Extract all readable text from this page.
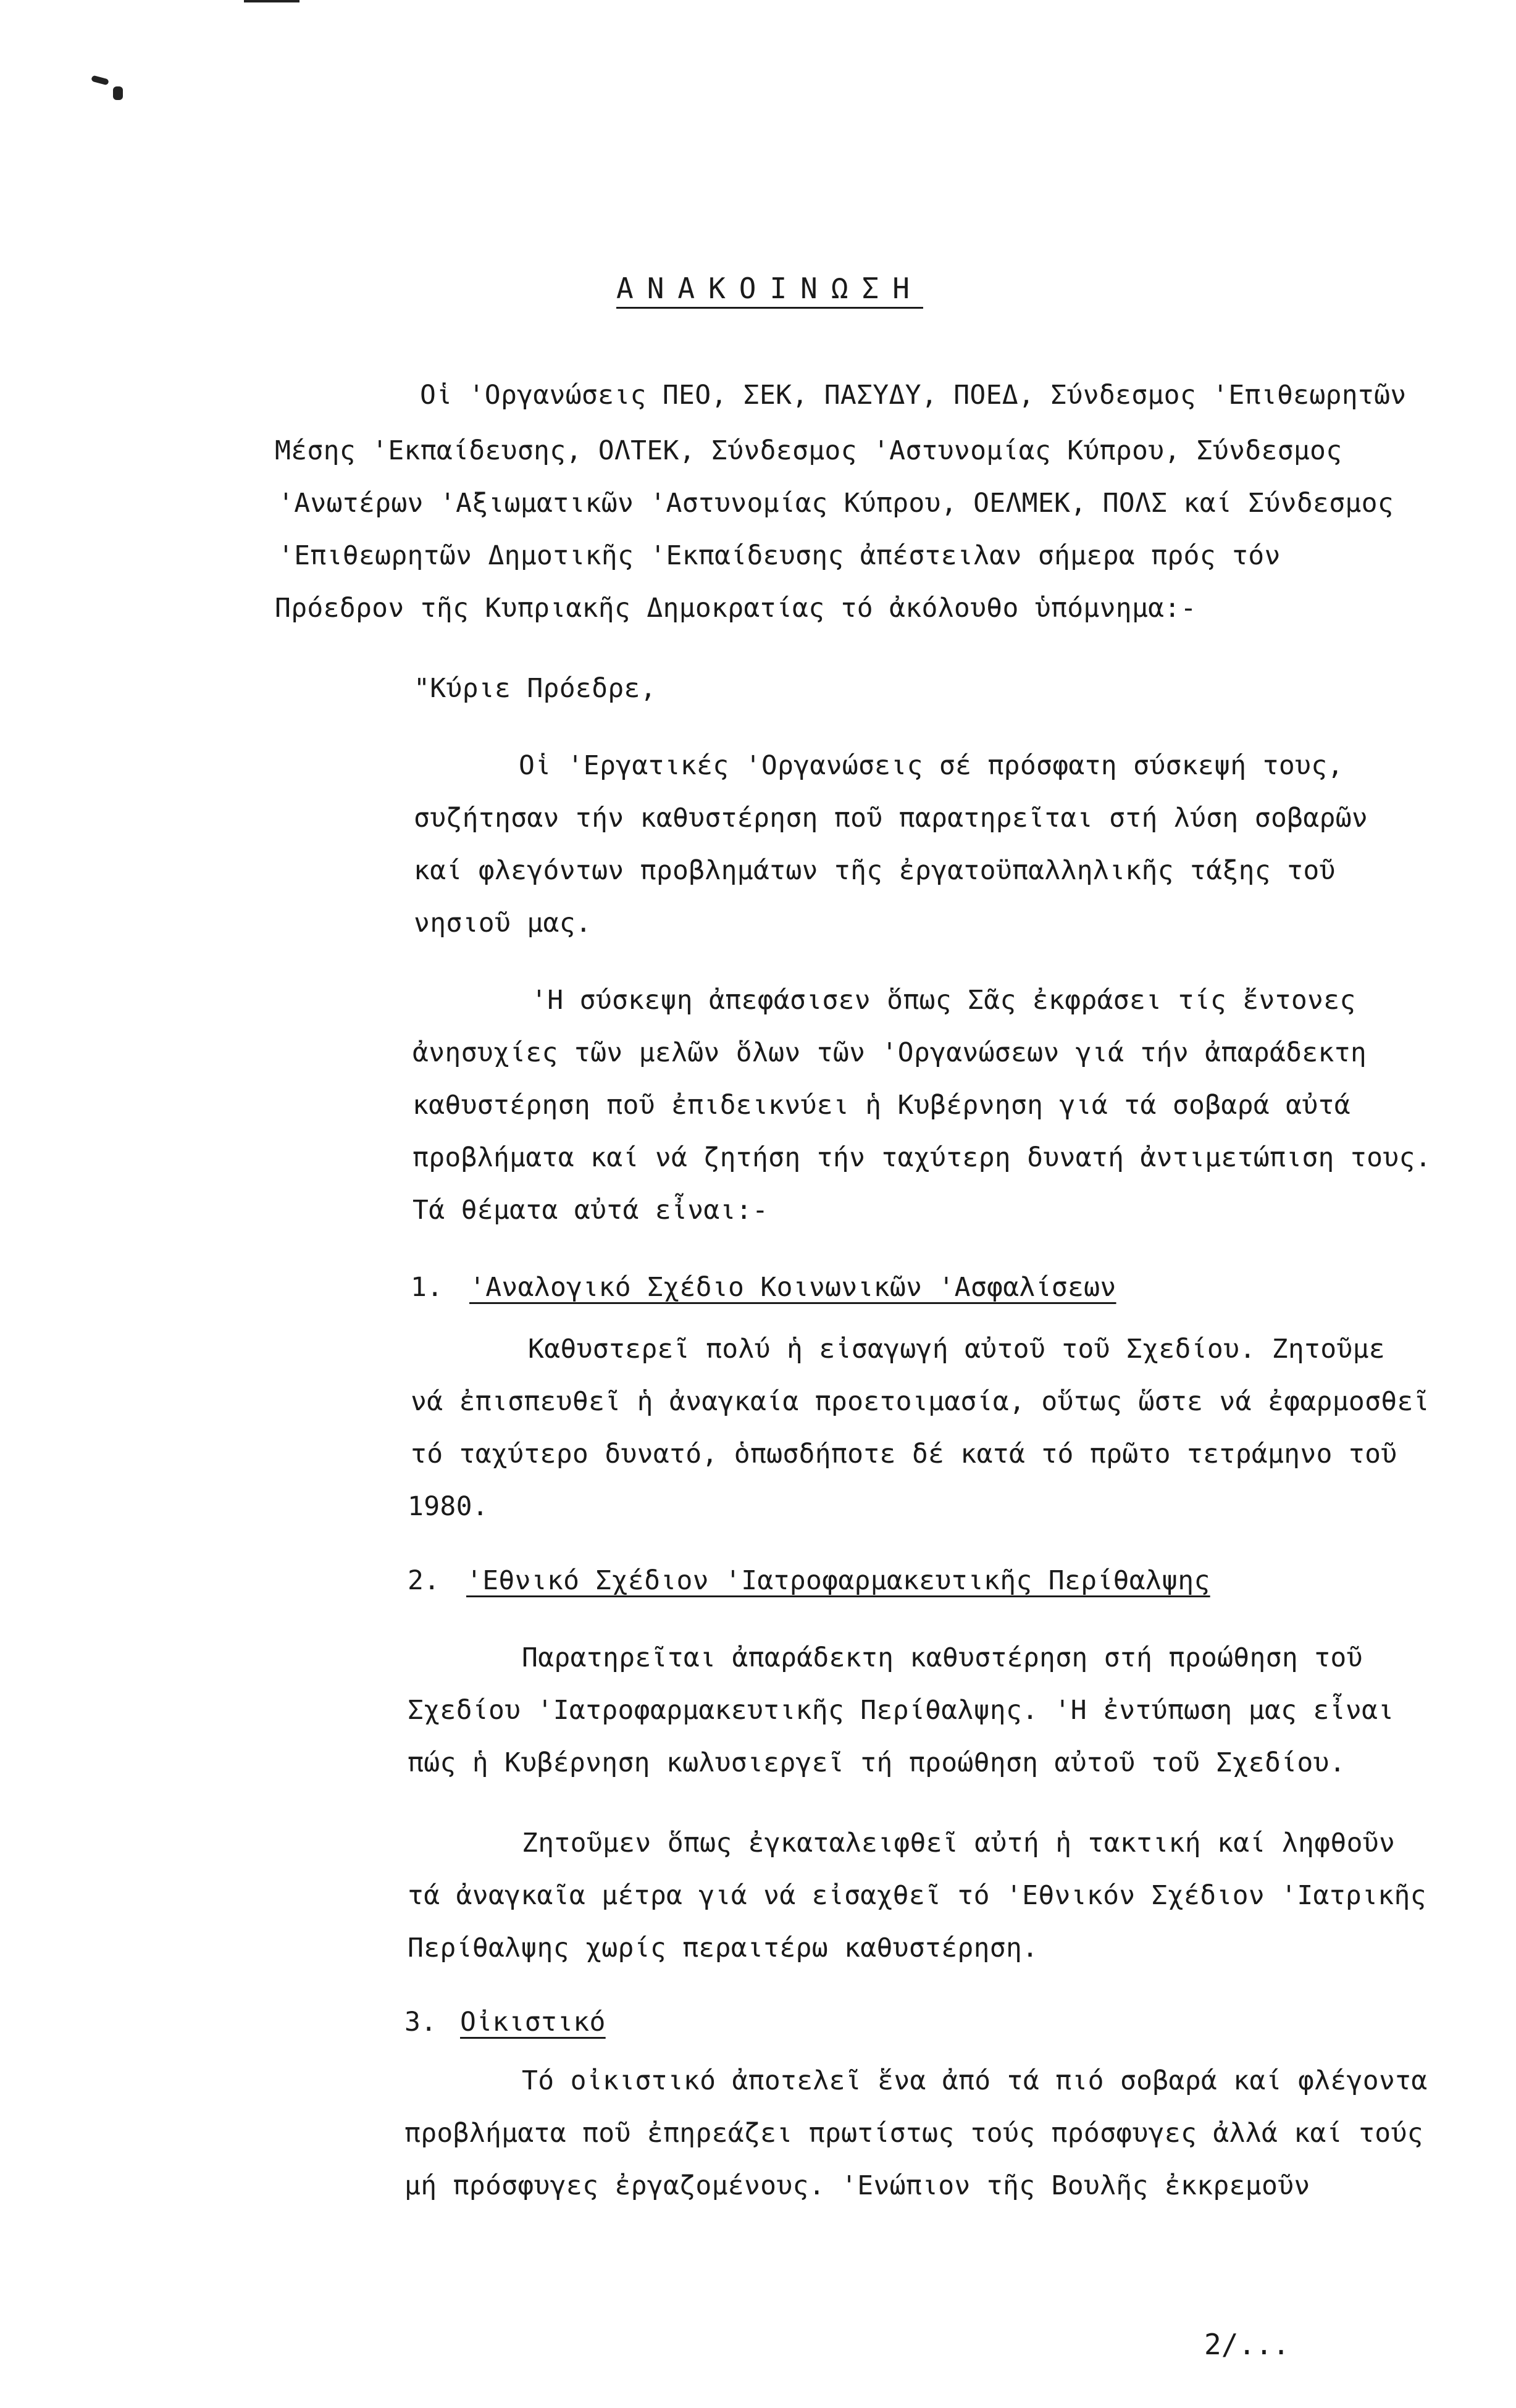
ΑΝΑΚΟΙΝΩΣΗ
Οἱ 'Οργανώσεις ΠΕΟ, ΣΕΚ, ΠΑΣΥΔΥ, ΠΟΕΔ, Σύνδεσμος 'Επιθεωρητῶν
Μέσης 'Εκπαίδευσης, ΟΛΤΕΚ, Σύνδεσμος 'Αστυνομίας Κύπρου, Σύνδεσμος
'Ανωτέρων 'Αξιωματικῶν 'Αστυνομίας Κύπρου, ΟΕΛΜΕΚ, ΠΟΛΣ καί Σύνδεσμος
'Επιθεωρητῶν Δημοτικῆς 'Εκπαίδευσης ἀπέστειλαν σήμερα πρός τόν
Πρόεδρον τῆς Κυπριακῆς Δημοκρατίας τό ἀκόλουθο ὑπόμνημα:-
"Κύριε Πρόεδρε,
Οἱ 'Εργατικές 'Οργανώσεις σέ πρόσφατη σύσκεψή τους,
συζήτησαν τήν καθυστέρηση ποῦ παρατηρεῖται στή λύση σοβαρῶν
καί φλεγόντων προβλημάτων τῆς ἐργατοϋπαλληλικῆς τάξης τοῦ
νησιοῦ μας.
'Η σύσκεψη ἀπεφάσισεν ὅπως Σᾶς ἐκφράσει τίς ἔντονες
ἀνησυχίες τῶν μελῶν ὅλων τῶν 'Οργανώσεων γιά τήν ἀπαράδεκτη
καθυστέρηση ποῦ ἐπιδεικνύει ἡ Κυβέρνηση γιά τά σοβαρά αὐτά
προβλήματα καί νά ζητήση τήν ταχύτερη δυνατή ἀντιμετώπιση τους.
Τά θέματα αὐτά εἶναι:-
1. 'Αναλογικό Σχέδιο Κοινωνικῶν 'Ασφαλίσεων
Καθυστερεῖ πολύ ἡ εἰσαγωγή αὐτοῦ τοῦ Σχεδίου. Ζητοῦμε
νά ἐπισπευθεῖ ἡ ἀναγκαία προετοιμασία, οὕτως ὥστε νά ἐφαρμοσθεῖ
τό ταχύτερο δυνατό, ὁπωσδήποτε δέ κατά τό πρῶτο τετράμηνο τοῦ
1980.
2. 'Εθνικό Σχέδιον 'Ιατροφαρμακευτικῆς Περίθαλψης
Παρατηρεῖται ἀπαράδεκτη καθυστέρηση στή προώθηση τοῦ
Σχεδίου 'Ιατροφαρμακευτικῆς Περίθαλψης. 'Η ἐντύπωση μας εἶναι
πώς ἡ Κυβέρνηση κωλυσιεργεῖ τή προώθηση αὐτοῦ τοῦ Σχεδίου.
Ζητοῦμεν ὅπως ἐγκαταλειφθεῖ αὐτή ἡ τακτική καί ληφθοῦν
τά ἀναγκαῖα μέτρα γιά νά εἰσαχθεῖ τό 'Εθνικόν Σχέδιον 'Ιατρικῆς
Περίθαλψης χωρίς περαιτέρω καθυστέρηση.
3. Οἰκιστικό
Τό οἰκιστικό ἀποτελεῖ ἕνα ἀπό τά πιό σοβαρά καί φλέγοντα
προβλήματα ποῦ ἐπηρεάζει πρωτίστως τούς πρόσφυγες ἀλλά καί τούς
μή πρόσφυγες ἐργαζομένους. 'Ενώπιον τῆς Βουλῆς ἐκκρεμοῦν
2/...
